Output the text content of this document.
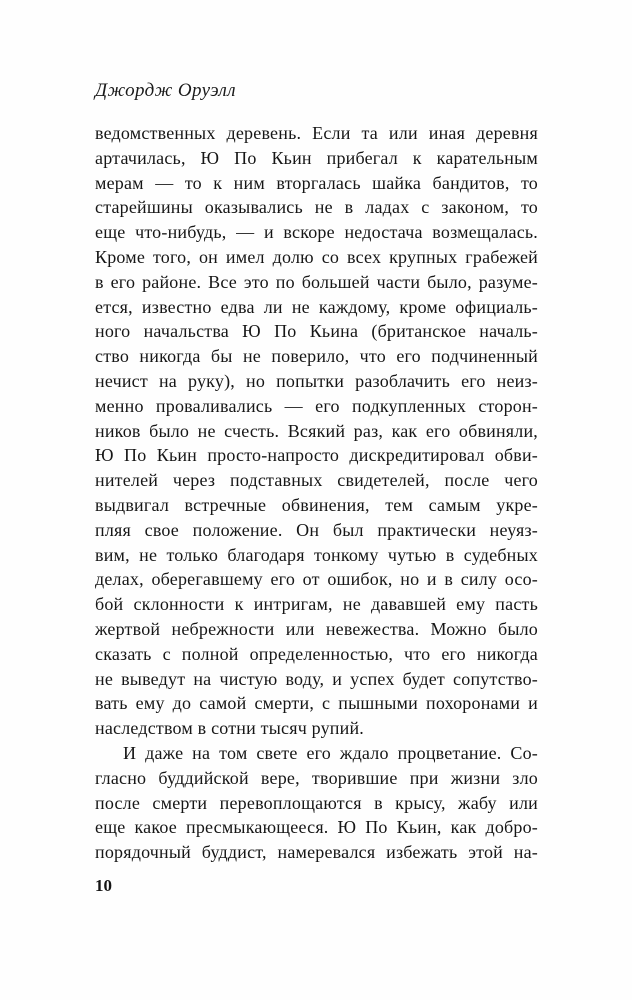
Джордж Оруэлл
ведомственных деревень. Если та или иная деревня
артачилась, Ю По Кьин прибегал к карательным
мерам — то к ним вторгалась шайка бандитов, то
старейшины оказывались не в ладах с законом, то
еще что-нибудь, — и вскоре недостача возмещалась.
Кроме того, он имел долю со всех крупных грабежей
в его районе. Все это по большей части было, разуме-
ется, известно едва ли не каждому, кроме официаль-
ного начальства Ю По Кьина (британское началь-
ство никогда бы не поверило, что его подчиненный
нечист на руку), но попытки разоблачить его неиз-
менно проваливались — его подкупленных сторон-
ников было не счесть. Всякий раз, как его обвиняли,
Ю По Кьин просто-напросто дискредитировал обви-
нителей через подставных свидетелей, после чего
выдвигал встречные обвинения, тем самым укре-
пляя свое положение. Он был практически неуяз-
вим, не только благодаря тонкому чутью в судебных
делах, оберегавшему его от ошибок, но и в силу осо-
бой склонности к интригам, не дававшей ему пасть
жертвой небрежности или невежества. Можно было
сказать с полной определенностью, что его никогда
не выведут на чистую воду, и успех будет сопутство-
вать ему до самой смерти, с пышными похоронами и
наследством в сотни тысяч рупий.
И даже на том свете его ждало процветание. Со-
гласно буддийской вере, творившие при жизни зло
после смерти перевоплощаются в крысу, жабу или
еще какое пресмыкающееся. Ю По Кьин, как добро-
порядочный буддист, намеревался избежать этой на-
10
